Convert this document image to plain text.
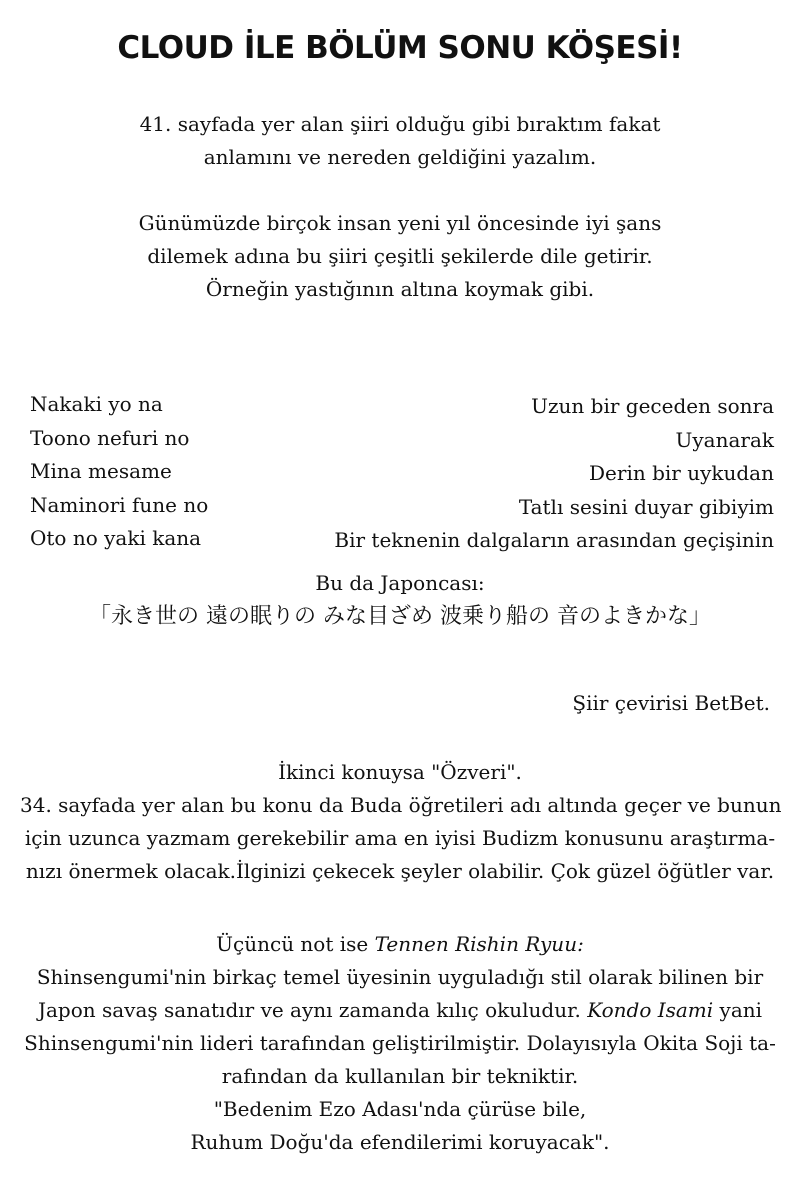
CLOUD İLE BÖLÜM SONU KÖŞESİ!
41. sayfada yer alan şiiri olduğu gibi bıraktım fakat
anlamını ve nereden geldiğini yazalım.

Günümüzde birçok insan yeni yıl öncesinde iyi şans
dilemek adına bu şiiri çeşitli şekilerde dile getirir.
Örneğin yastığının altına koymak gibi.
Nakaki yo na
Toono nefuri no
Mina mesame
Naminori fune no
Oto no yaki kana
Uzun bir geceden sonra
Uyanarak
Derin bir uykudan
Tatlı sesini duyar gibiyim
Bir teknenin dalgaların arasından geçişinin
Bu da Japoncası:
「永き世の 遠の眠りの みな目ざめ 波乗り船の 音のよきかな」
Şiir çevirisi BetBet.
İkinci konuysa "Özveri".
34. sayfada yer alan bu konu da Buda öğretileri adı altında geçer ve bunun
için uzunca yazmam gerekebilir ama en iyisi Budizm konusunu araştırma-
nızı önermek olacak.İlginizi çekecek şeyler olabilir. Çok güzel öğütler var.
Üçüncü not ise Tennen Rishin Ryuu:
Shinsengumi'nin birkaç temel üyesinin uyguladığı stil olarak bilinen bir
Japon savaş sanatıdır ve aynı zamanda kılıç okuludur. Kondo Isami yani
Shinsengumi'nin lideri tarafından geliştirilmiştir. Dolayısıyla Okita Soji ta-
rafından da kullanılan bir tekniktir.
"Bedenim Ezo Adası'nda çürüse bile,
Ruhum Doğu'da efendilerimi koruyacak".
